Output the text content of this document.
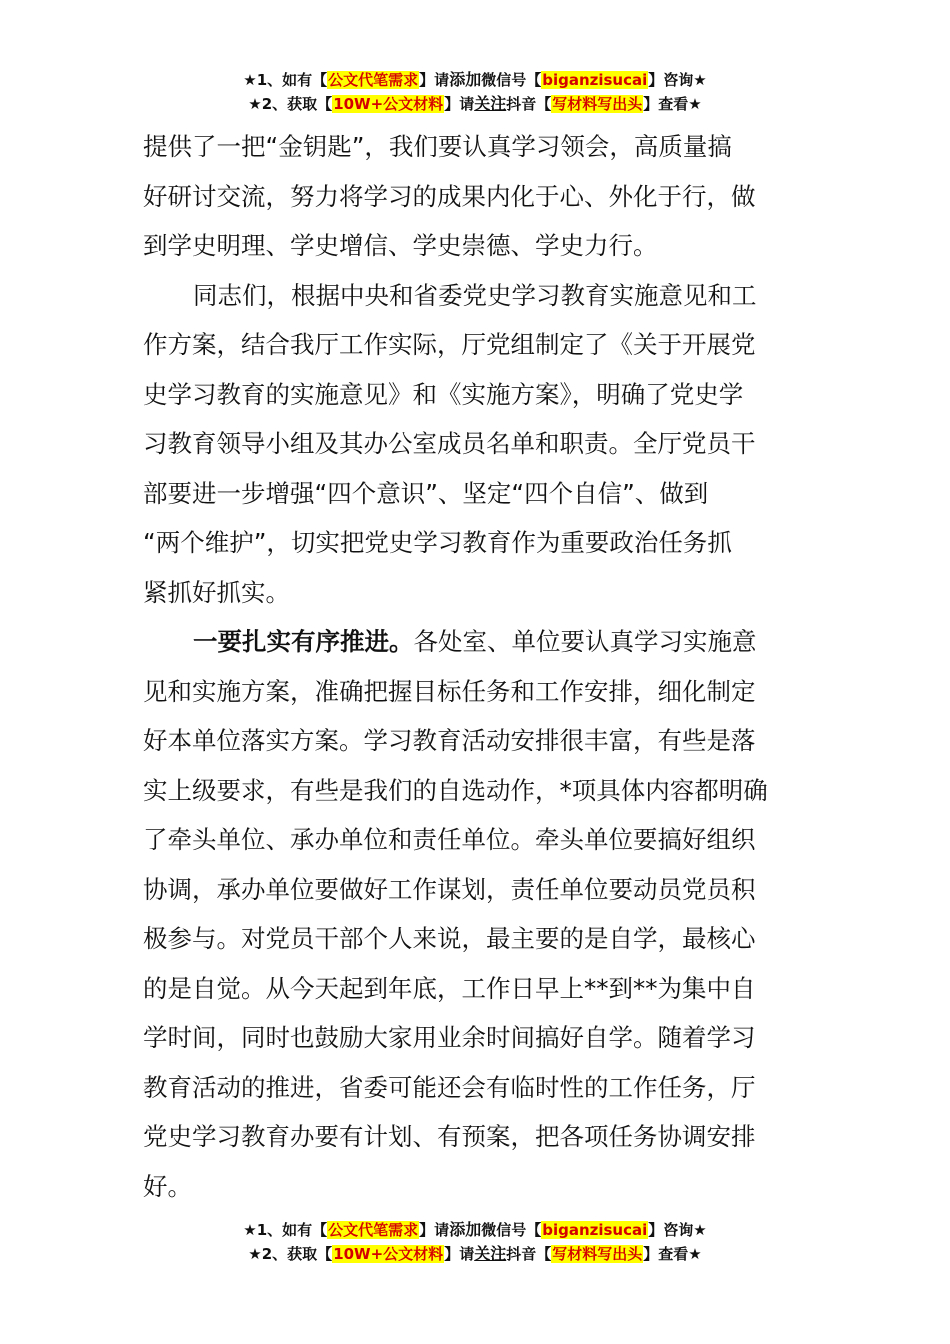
★1、如有【公文代笔需求】请添加微信号【biganzisucai】咨询★
★2、获取【10W+公文材料】请关注抖音【写材料写出头】查看★
提供了一把“金钥匙”，我们要认真学习领会，高质量搞
好研讨交流，努力将学习的成果内化于心、外化于行，做
到学史明理、学史增信、学史崇德、学史力行。
同志们，根据中央和省委党史学习教育实施意见和工
作方案，结合我厅工作实际，厅党组制定了《关于开展党
史学习教育的实施意见》和《实施方案》，明确了党史学
习教育领导小组及其办公室成员名单和职责。全厅党员干
部要进一步增强“四个意识”、坚定“四个自信”、做到
“两个维护”，切实把党史学习教育作为重要政治任务抓
紧抓好抓实。
一要扎实有序推进。各处室、单位要认真学习实施意
见和实施方案，准确把握目标任务和工作安排，细化制定
好本单位落实方案。学习教育活动安排很丰富，有些是落
实上级要求，有些是我们的自选动作，*项具体内容都明确
了牵头单位、承办单位和责任单位。牵头单位要搞好组织
协调，承办单位要做好工作谋划，责任单位要动员党员积
极参与。对党员干部个人来说，最主要的是自学，最核心
的是自觉。从今天起到年底，工作日早上**到**为集中自
学时间，同时也鼓励大家用业余时间搞好自学。随着学习
教育活动的推进，省委可能还会有临时性的工作任务，厅
党史学习教育办要有计划、有预案，把各项任务协调安排
好。
★1、如有【公文代笔需求】请添加微信号【biganzisucai】咨询★
★2、获取【10W+公文材料】请关注抖音【写材料写出头】查看★
